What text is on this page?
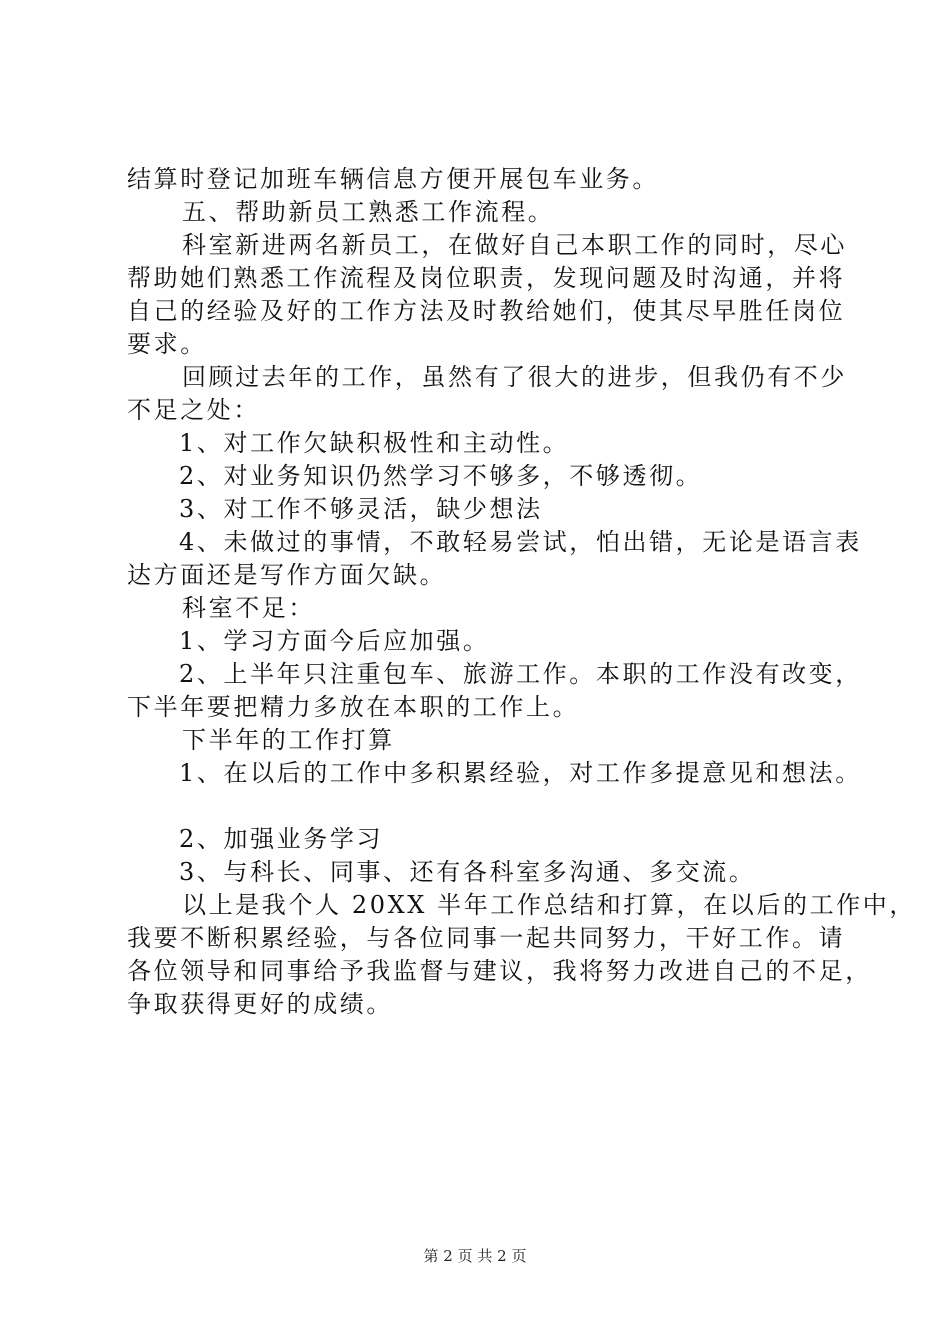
结算时登记加班车辆信息方便开展包车业务。
五、帮助新员工熟悉工作流程。
科室新进两名新员工，在做好自己本职工作的同时，尽心
帮助她们熟悉工作流程及岗位职责，发现问题及时沟通，并将
自己的经验及好的工作方法及时教给她们，使其尽早胜任岗位
要求。
回顾过去年的工作，虽然有了很大的进步，但我仍有不少
不足之处：
1、对工作欠缺积极性和主动性。
2、对业务知识仍然学习不够多，不够透彻。
3、对工作不够灵活，缺少想法
4、未做过的事情，不敢轻易尝试，怕出错，无论是语言表
达方面还是写作方面欠缺。
科室不足：
1、学习方面今后应加强。
2、上半年只注重包车、旅游工作。本职的工作没有改变，
下半年要把精力多放在本职的工作上。
下半年的工作打算
1、在以后的工作中多积累经验，对工作多提意见和想法。
2、加强业务学习
3、与科长、同事、还有各科室多沟通、多交流。
以上是我个人 20XX 半年工作总结和打算，在以后的工作中，
我要不断积累经验，与各位同事一起共同努力，干好工作。请
各位领导和同事给予我监督与建议，我将努力改进自己的不足，
争取获得更好的成绩。
第 2 页 共 2 页
